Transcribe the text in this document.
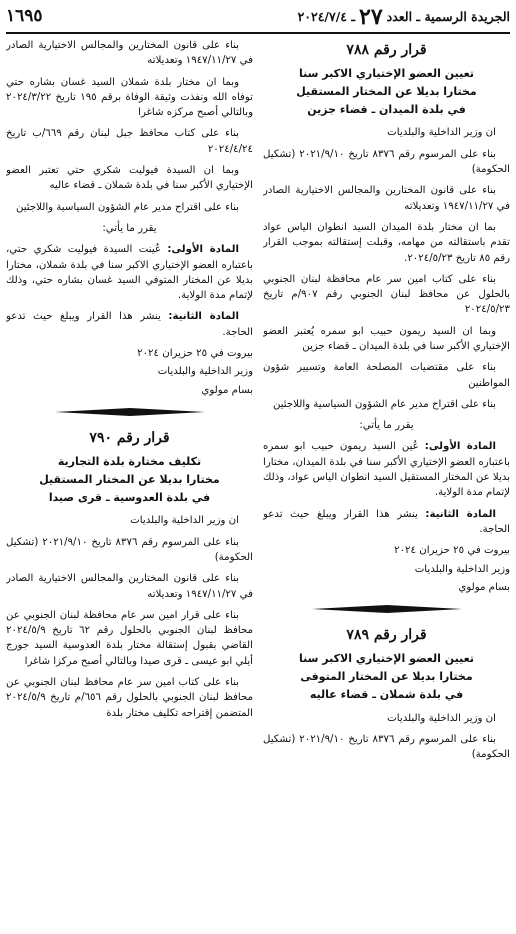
الجريدة الرسمية ـ العدد
٢٧
ـ ٢٠٢٤/٧/٤
١٦٩٥
قرار رقم ٧٨٨
تعيين العضو الإختياري الاكبر سنا
مختارا بديلا عن المختار المستقيل
في بلدة الميدان ـ قضاء جزين

ان وزير الداخلية والبلديات

بناء على المرسوم رقم ٨٣٧٦ تاريخ ٢٠٢١/٩/١٠ (تشكيل الحكومة)

بناء على قانون المختارين والمجالس الاختيارية الصادر في ١٩٤٧/١١/٢٧ وتعديلاته

بما ان مختار بلدة الميدان السيد انطوان الياس عواد تقدم باستقالته من مهامه، وقبلت إستقالته بموجب القرار رقم ٨٥ تاريخ ٢٠٢٤/٥/٢٣.

بناء على كتاب امين سر عام محافظة لبنان الجنوبي بالحلول عن محافظ لبنان الجنوبي رقم ٩٠٧/م تاريخ ٢٠٢٤/٥/٢٣

وبما ان السيد ريمون حبيب ابو سمره يُعتبر العضو الإختياري الأكبر سنا في بلدة الميدان ـ قضاء جزين

بناء على مقتضيات المصلحة العامة وتسيير شؤون المواطنين

بناء على اقتراح مدير عام الشؤون السياسية واللاجئين

يقرر ما يأتي:

المادة الأولى: عُين السيد ريمون حبيب ابو سمره باعتباره العضو الإختياري الأكبر سنا في بلدة الميدان، مختارا بديلا عن المختار المستقيل السيد انطوان الياس عواد، وذلك لإتمام مدة الولاية.

المادة الثانية: ينشر هذا القرار ويبلغ حيث تدعو الحاجة.

بيروت في ٢٥ حزيران ٢٠٢٤

وزير الداخلية والبلديات

بسام مولوي

قرار رقم ٧٨٩
تعيين العضو الإختياري الاكبر سنا
مختارا بديلا عن المختار المتوفى
في بلدة شملان ـ قضاء عاليه

ان وزير الداخلية والبلديات

بناء على المرسوم رقم ٨٣٧٦ تاريخ ٢٠٢١/٩/١٠ (تشكيل الحكومة)

بناء على قانون المختارين والمجالس الاختيارية الصادر في ١٩٤٧/١١/٢٧ وتعديلاته

وبما ان مختار بلدة شملان السيد غسان بشاره حتي توفاه الله ونفذت وثيقة الوفاة برقم ١٩٥ تاريخ ٢٠٢٤/٣/٢٢ وبالتالي أصبح مركزه شاغرا

بناء على كتاب محافظ جبل لبنان رقم ٦٦٩/ب تاريخ ٢٠٢٤/٤/٢٤

وبما ان السيدة فيوليت شكري حتي تعتبر العضو الإختياري الأكبر سنا في بلدة شملان ـ قضاء عاليه

بناء على اقتراح مدير عام الشؤون السياسية واللاجئين

يقرر ما يأتي:

المادة الأولى: عُينت السيدة فيوليت شكري حتي، باعتباره العضو الإختياري الاكبر سنا في بلدة شملان، مختارا بديلا عن المختار المتوفي السيد غسان بشاره حتي، وذلك لإتمام مدة الولاية.

المادة الثانية: ينشر هذا القرار ويبلغ حيث تدعو الحاجة.

بيروت في ٢٥ حزيران ٢٠٢٤

وزير الداخلية والبلديات

بسام مولوي

قرار رقم ٧٩٠
تكليف مختارة بلدة التجارية
مختارا بديلا عن المختار المستقيل
في بلدة العدوسية ـ قرى صيدا

ان وزير الداخلية والبلديات

بناء على المرسوم رقم ٨٣٧٦ تاريخ ٢٠٢١/٩/١٠ (تشكيل الحكومة)

بناء على قانون المختارين والمجالس الاختيارية الصادر في ١٩٤٧/١١/٢٧ وتعديلاته

بناء على قرار امين سر عام محافظة لبنان الجنوبي عن محافظ لبنان الجنوبي بالحلول رقم ٦٢ تاريخ ٢٠٢٤/٥/٩ القاضي بقبول إستقالة مختار بلدة العدوسية السيد جورج أيلي ابو عيسى ـ قرى صيدا وبالتالي أصبح مركزا شاغرا

بناء على كتاب امين سر عام محافظ لبنان الجنوبي عن محافظ لبنان الجنوبي بالحلول رقم ٦٥٦/م تاريخ ٢٠٢٤/٥/٩ المتضمن إقتراحه تكليف مختار بلدة
